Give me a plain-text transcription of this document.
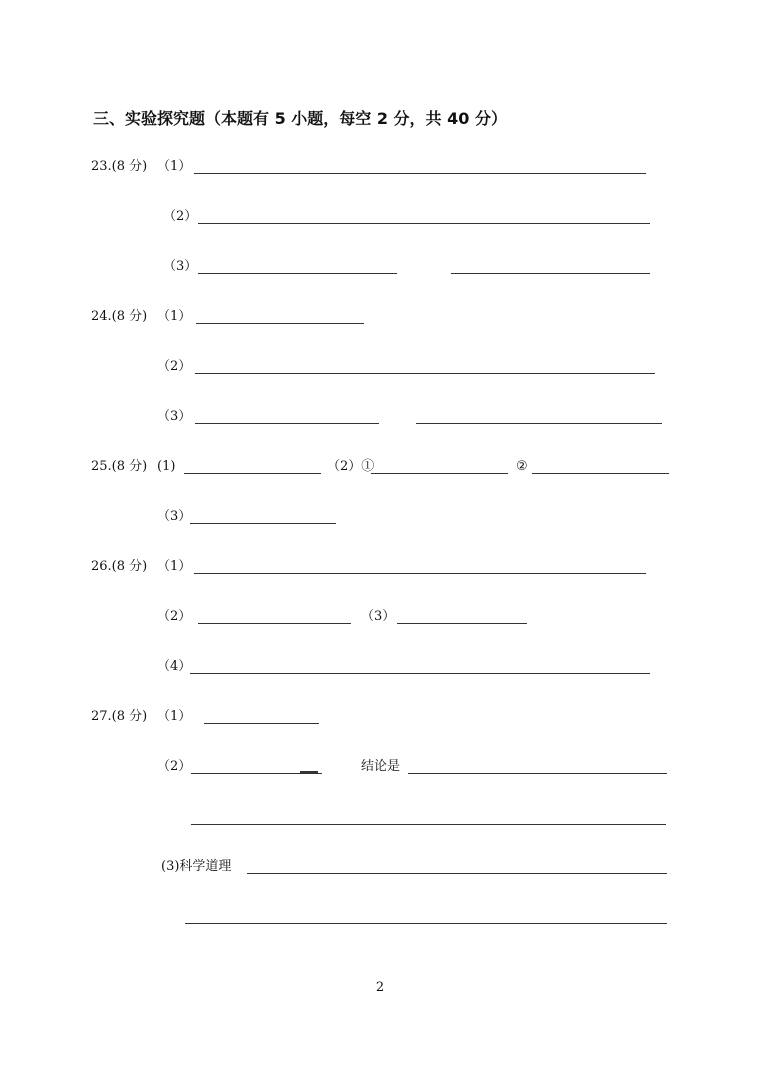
三、实验探究题（本题有 5 小题，每空 2 分，共 40 分）
23.(8 分) （1）
（2）
（3）
24.(8 分) （1）
（2）
（3）
25.(8 分) (1)	（2）①	②
（3）
26.(8 分) （1）
（2）	（3）
（4）
27.(8 分) （1）
（2）	结论是
(3)科学道理
2
